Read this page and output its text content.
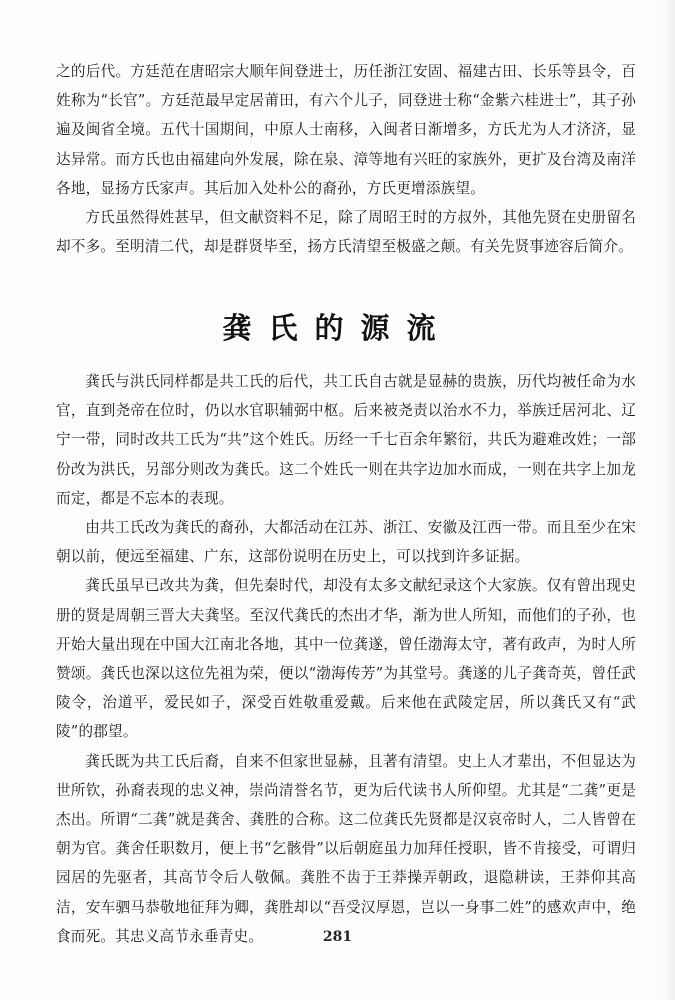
之的后代。方廷范在唐昭宗大顺年间登进士，历任浙江安固、福建古田、长乐等县令，百姓称为“长官”。方廷范最早定居莆田，有六个儿子，同登进士称“金紫六桂进士”，其子孙遍及闽省全境。五代十国期间，中原人士南移，入闽者日渐增多，方氏尤为人才济济，显达异常。而方氏也由福建向外发展，除在泉、漳等地有兴旺的家族外，更扩及台湾及南洋各地，显扬方氏家声。其后加入处朴公的裔孙，方氏更增添族望。

方氏虽然得姓甚早，但文献资料不足，除了周昭王时的方叔外，其他先贤在史册留名却不多。至明清二代，却是群贤毕至，扬方氏清望至极盛之颠。有关先贤事迹容后简介。

龚氏的源流

龚氏与洪氏同样都是共工氏的后代，共工氏自古就是显赫的贵族，历代均被任命为水官，直到尧帝在位时，仍以水官职辅弼中枢。后来被尧责以治水不力，举族迁居河北、辽宁一带，同时改共工氏为“共”这个姓氏。历经一千七百余年繁衍，共氏为避难改姓；一部份改为洪氏，另部分则改为龚氏。这二个姓氏一则在共字边加水而成，一则在共字上加龙而定，都是不忘本的表现。

由共工氏改为龚氏的裔孙，大都活动在江苏、浙江、安徽及江西一带。而且至少在宋朝以前，便远至福建、广东，这部份说明在历史上，可以找到许多证据。

龚氏虽早已改共为龚，但先秦时代，却没有太多文献纪录这个大家族。仅有曾出现史册的贤是周朝三晋大夫龚坚。至汉代龚氏的杰出才华，渐为世人所知，而他们的子孙，也开始大量出现在中国大江南北各地，其中一位龚遂，曾任渤海太守，著有政声，为时人所赞颂。龚氏也深以这位先祖为荣，便以“渤海传芳”为其堂号。龚遂的儿子龚奇英，曾任武陵令，治道平，爱民如子，深受百姓敬重爱戴。后来他在武陵定居，所以龚氏又有“武陵”的郡望。

龚氏既为共工氏后裔，自来不但家世显赫，且著有清望。史上人才辈出，不但显达为世所钦，孙裔表现的忠义神，崇尚清誉名节，更为后代读书人所仰望。尤其是“二龚”更是杰出。所谓“二龚”就是龚舍、龚胜的合称。这二位龚氏先贤都是汉哀帝时人，二人皆曾在朝为官。龚舍任职数月，便上书“乞骸骨”以后朝庭虽力加拜任授职，皆不肯接受，可谓归园居的先驱者，其高节令后人敬佩。龚胜不齿于王莽操弄朝政，退隐耕读，王莽仰其高洁，安车驷马恭敬地征拜为卿，龚胜却以“吾受汉厚恩，岂以一身事二姓”的感欢声中，绝食而死。其忠义高节永垂青史。	281
